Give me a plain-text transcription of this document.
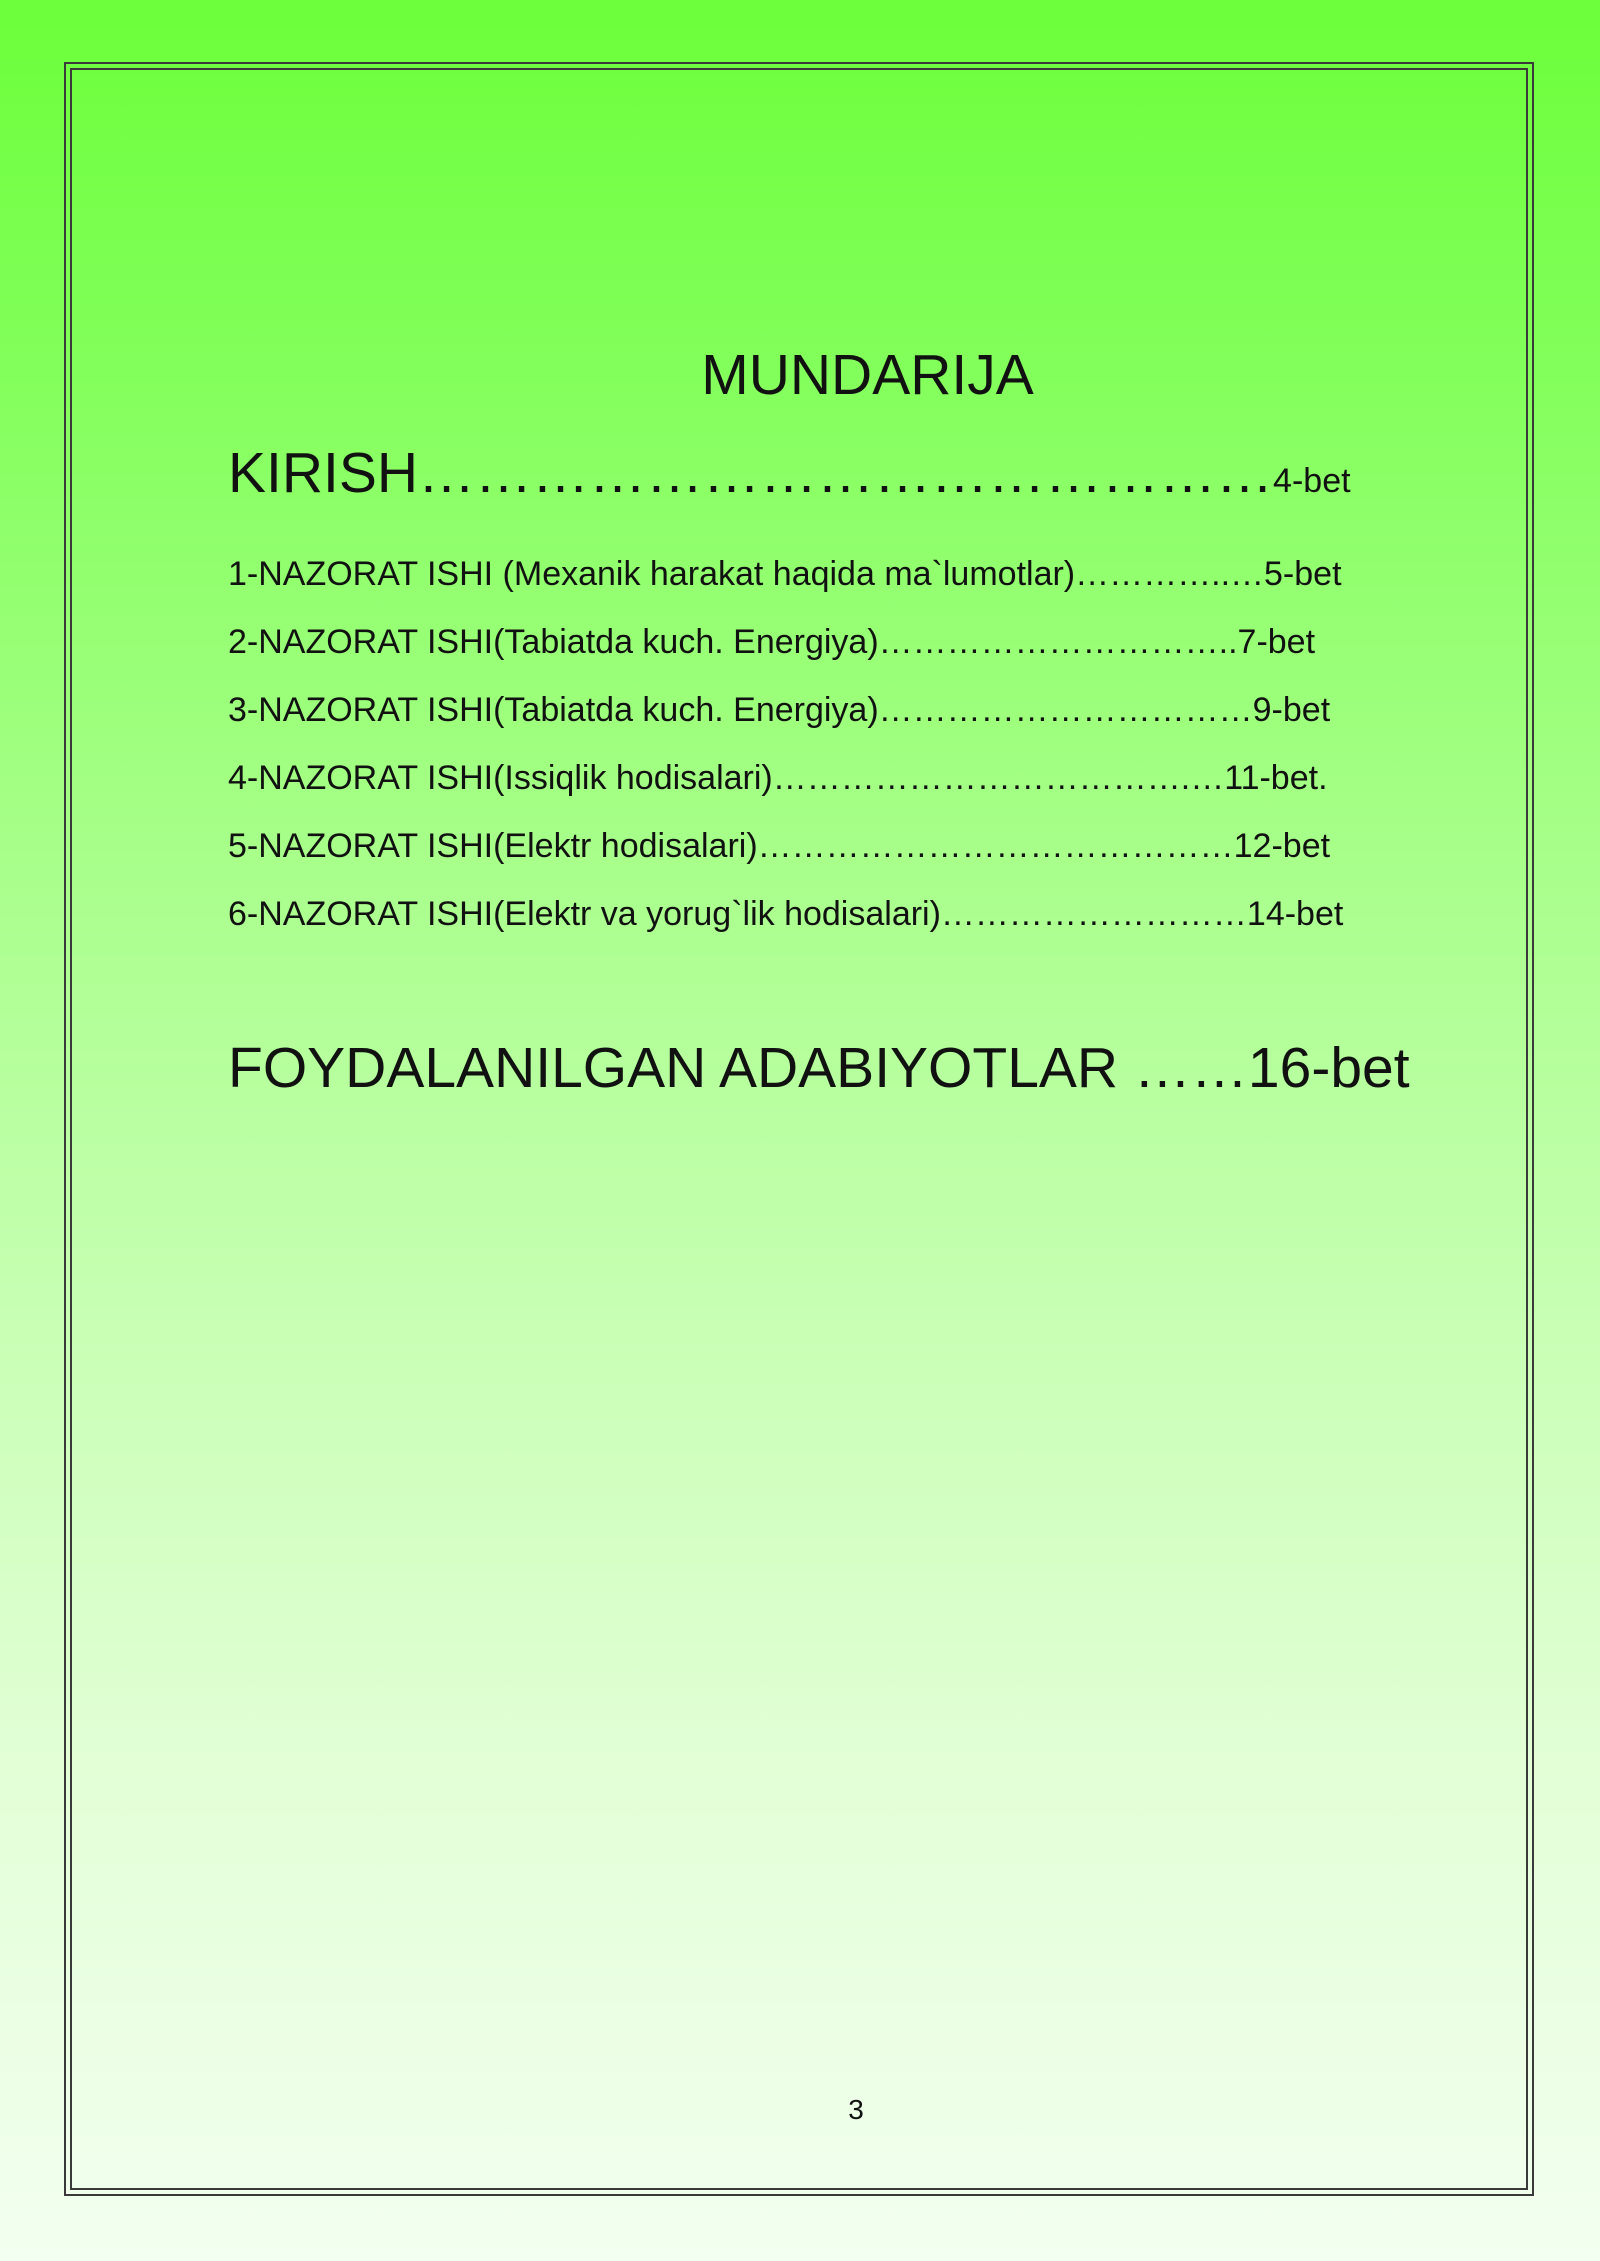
MUNDARIJA
KIRISH………………………………………4-bet
1-NAZORAT ISHI (Mexanik harakat haqida ma`lumotlar)…………..…5-bet
2-NAZORAT ISHI(Tabiatda kuch. Energiya)…………………………..7-bet
3-NAZORAT ISHI(Tabiatda kuch. Energiya)……………………………9-bet
4-NAZORAT ISHI(Issiqlik hodisalari)……………………………….…11-bet.
5-NAZORAT ISHI(Elektr hodisalari)……………………………………12-bet
6-NAZORAT ISHI(Elektr va yorug`lik hodisalari)………………………14-bet
FOYDALANILGAN ADABIYOTLAR ……16-bet
3
